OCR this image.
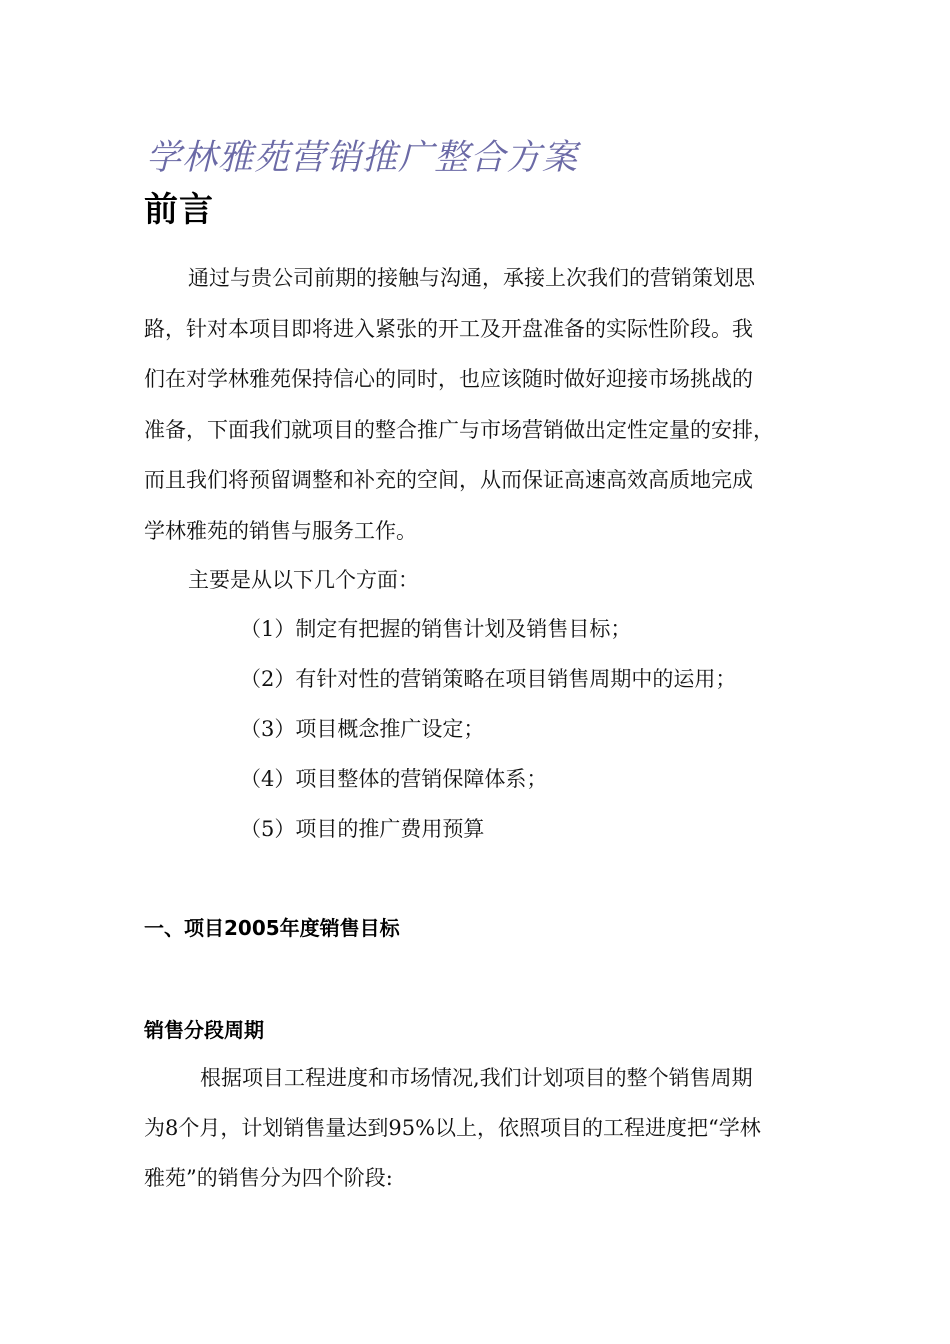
学林雅苑营销推广整合方案
前言
通过与贵公司前期的接触与沟通，承接上次我们的营销策划思
路，针对本项目即将进入紧张的开工及开盘准备的实际性阶段。我
们在对学林雅苑保持信心的同时，也应该随时做好迎接市场挑战的
准备，下面我们就项目的整合推广与市场营销做出定性定量的安排，
而且我们将预留调整和补充的空间，从而保证高速高效高质地完成
学林雅苑的销售与服务工作。
主要是从以下几个方面：
（1）制定有把握的销售计划及销售目标；
（2）有针对性的营销策略在项目销售周期中的运用；
（3）项目概念推广设定；
（4）项目整体的营销保障体系；
（5）项目的推广费用预算
一、项目2005年度销售目标
销售分段周期
根据项目工程进度和市场情况,我们计划项目的整个销售周期
为8个月，计划销售量达到95%以上，依照项目的工程进度把“学林
雅苑”的销售分为四个阶段:
